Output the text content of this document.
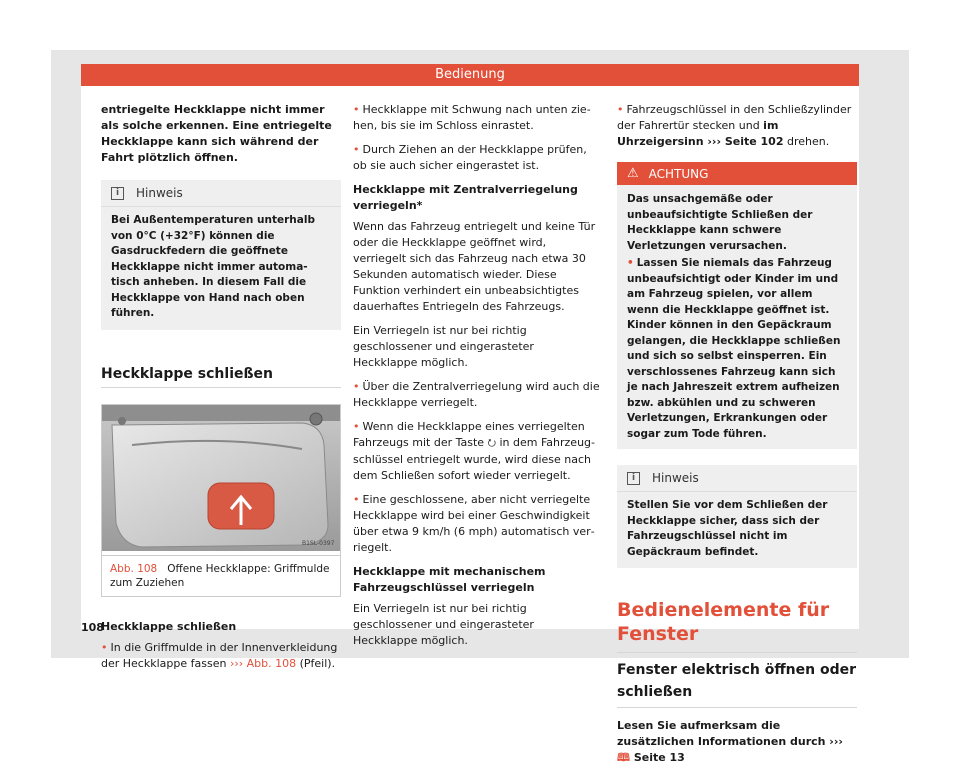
Bedienung

entriegelte Heckklappe nicht immer als solche erkennen. Eine entriegelte Heckklappe kann sich während der Fahrt plötzlich öffnen.

i	Hinweis
Bei Außentemperaturen unterhalb von 0°C (+32°F) können die Gasdruckfedern die geöffnete Heckklappe nicht immer automatisch anheben. In diesem Fall die Heckklappe von Hand nach oben führen.
Heckklappe schließen
B1SL-0397
Abb. 108 Offene Heckklappe: Griffmulde zum Zuziehen

Heckklappe schließen

• In die Griffmulde in der Innenverkleidung der Heckklappe fassen ››› Abb. 108 (Pfeil).

• Heckklappe mit Schwung nach unten ziehen, bis sie im Schloss einrastet.

• Durch Ziehen an der Heckklappe prüfen, ob sie auch sicher eingerastet ist.

Heckklappe mit Zentralverriegelung verriegeln*

Wenn das Fahrzeug entriegelt und keine Tür oder die Heckklappe geöffnet wird, verriegelt sich das Fahrzeug nach etwa 30 Sekunden automatisch wieder. Diese Funktion verhindert ein unbeabsichtigtes dauerhaftes Entriegeln des Fahrzeugs.

Ein Verriegeln ist nur bei richtig geschlossener und eingerasteter Heckklappe möglich.

• Über die Zentralverriegelung wird auch die Heckklappe verriegelt.

• Wenn die Heckklappe eines verriegelten Fahrzeugs mit der Taste ⭮ in dem Fahrzeugschlüssel entriegelt wurde, wird diese nach dem Schließen sofort wieder verriegelt.

• Eine geschlossene, aber nicht verriegelte Heckklappe wird bei einer Geschwindigkeit über etwa 9 km/h (6 mph) automatisch verriegelt.

Heckklappe mit mechanischem Fahrzeugschlüssel verriegeln

Ein Verriegeln ist nur bei richtig geschlossener und eingerasteter Heckklappe möglich.

• Fahrzeugschlüssel in den Schließzylinder der Fahrertür stecken und im Uhrzeigersinn ››› Seite 102 drehen.

⚠ ACHTUNG
Das unsachgemäße oder unbeaufsichtigte Schließen der Heckklappe kann schwere Verletzungen verursachen.
• Lassen Sie niemals das Fahrzeug unbeaufsichtigt oder Kinder im und am Fahrzeug spielen, vor allem wenn die Heckklappe geöffnet ist. Kinder können in den Gepäckraum gelangen, die Heckklappe schließen und sich so selbst einsperren. Ein verschlossenes Fahrzeug kann sich je nach Jahreszeit extrem aufheizen bzw. abkühlen und zu schweren Verletzungen, Erkrankungen oder sogar zum Tode führen.
i	Hinweis
Stellen Sie vor dem Schließen der Heckklappe sicher, dass sich der Fahrzeugschlüssel nicht im Gepäckraum befindet.

Bedienelemente für Fenster

Fenster elektrisch öffnen oder schließen

Lesen Sie aufmerksam die zusätzlichen Informationen durch ››› 🕮 Seite 13

108
